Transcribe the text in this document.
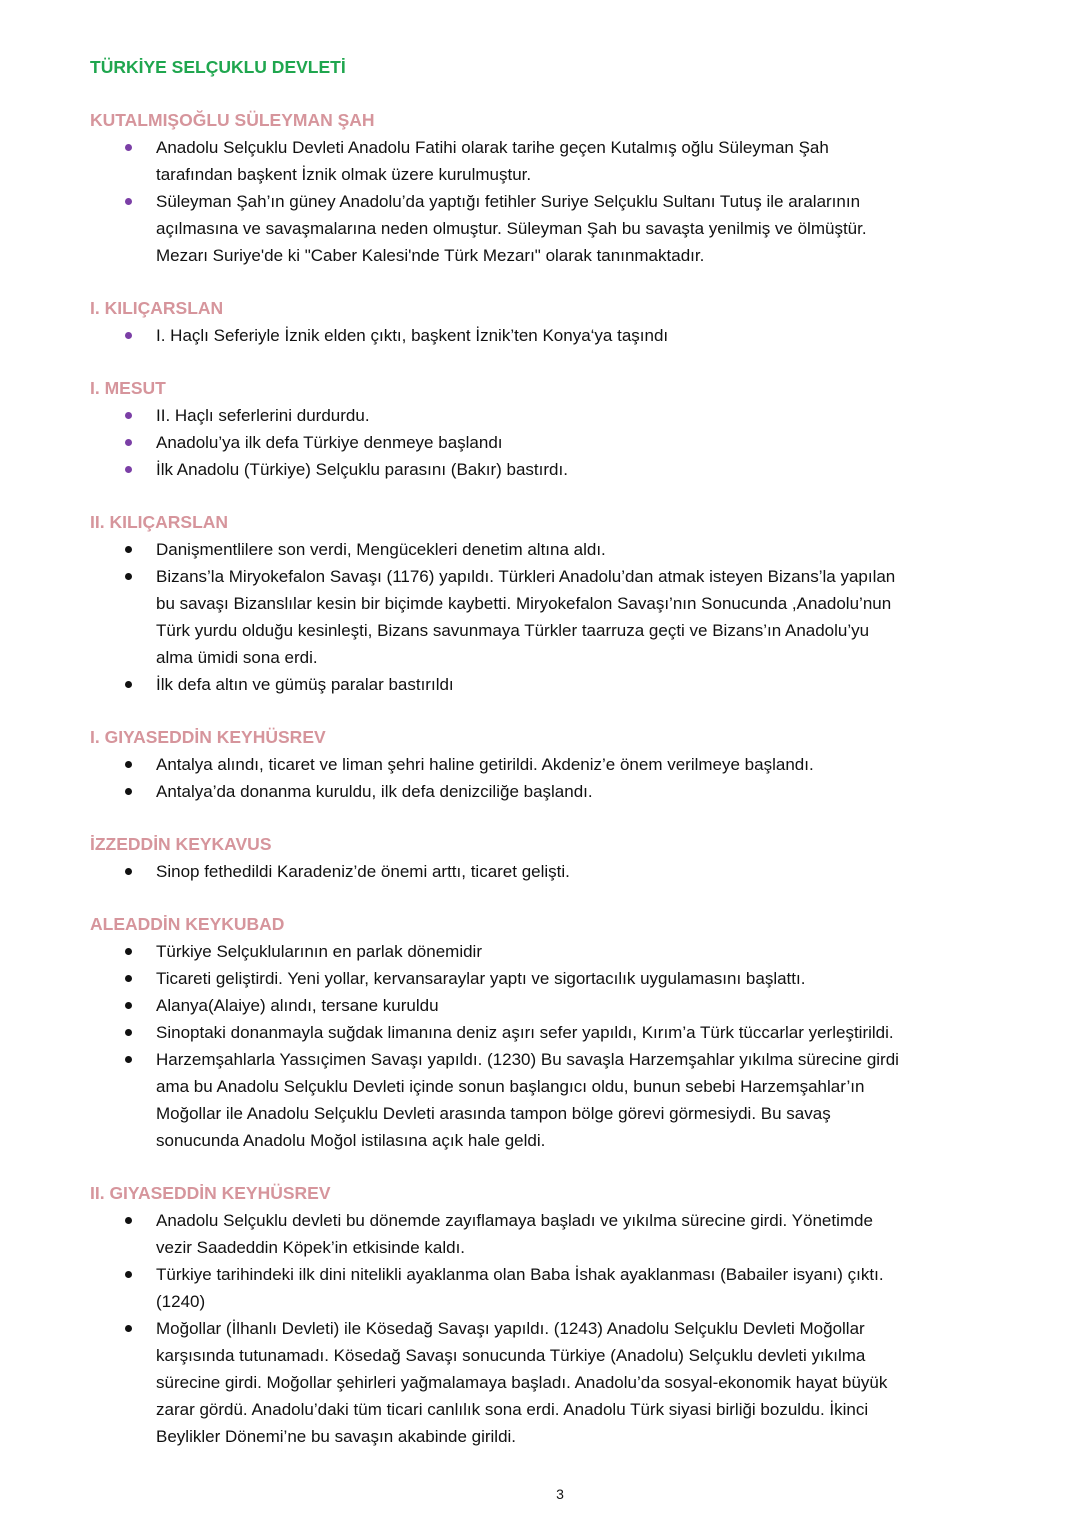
TÜRKİYE SELÇUKLU DEVLETİ
KUTALMIŞOĞLU SÜLEYMAN ŞAH
Anadolu Selçuklu Devleti Anadolu Fatihi olarak tarihe geçen Kutalmış oğlu Süleyman Şah
tarafından başkent İznik olmak üzere kurulmuştur.
Süleyman Şah’ın güney Anadolu’da yaptığı fetihler Suriye Selçuklu Sultanı Tutuş ile aralarının
açılmasına ve savaşmalarına neden olmuştur. Süleyman Şah bu savaşta yenilmiş ve ölmüştür.
Mezarı Suriye'de ki "Caber Kalesi'nde Türk Mezarı" olarak tanınmaktadır.
I. KILIÇARSLAN
I. Haçlı Seferiyle İznik elden çıktı, başkent İznik’ten Konya‘ya taşındı
I. MESUT
II. Haçlı seferlerini durdurdu.
Anadolu’ya ilk defa Türkiye denmeye başlandı
İlk Anadolu (Türkiye) Selçuklu parasını (Bakır) bastırdı.
II. KILIÇARSLAN
Danişmentlilere son verdi, Mengücekleri denetim altına aldı.
Bizans’la Miryokefalon Savaşı (1176) yapıldı. Türkleri Anadolu’dan atmak isteyen Bizans’la yapılan
bu savaşı Bizanslılar kesin bir biçimde kaybetti. Miryokefalon Savaşı’nın Sonucunda ,Anadolu’nun
Türk yurdu olduğu kesinleşti, Bizans savunmaya Türkler taarruza geçti ve Bizans’ın Anadolu’yu
alma ümidi sona erdi.
İlk defa altın ve gümüş paralar bastırıldı
I. GIYASEDDİN KEYHÜSREV
Antalya alındı, ticaret ve liman şehri haline getirildi. Akdeniz’e önem verilmeye başlandı.
Antalya’da donanma kuruldu, ilk defa denizciliğe başlandı.
İZZEDDİN KEYKAVUS
Sinop fethedildi Karadeniz’de önemi arttı, ticaret gelişti.
ALEADDİN KEYKUBAD
Türkiye Selçuklularının en parlak dönemidir
Ticareti geliştirdi. Yeni yollar, kervansaraylar yaptı ve sigortacılık uygulamasını başlattı.
Alanya(Alaiye) alındı, tersane kuruldu
Sinoptaki donanmayla suğdak limanına deniz aşırı sefer yapıldı, Kırım’a Türk tüccarlar yerleştirildi.
Harzemşahlarla Yassıçimen Savaşı yapıldı. (1230) Bu savaşla Harzemşahlar yıkılma sürecine girdi
ama bu Anadolu Selçuklu Devleti içinde sonun başlangıcı oldu, bunun sebebi Harzemşahlar’ın
Moğollar ile Anadolu Selçuklu Devleti arasında tampon bölge görevi görmesiydi. Bu savaş
sonucunda Anadolu Moğol istilasına açık hale geldi.
II. GIYASEDDİN KEYHÜSREV
Anadolu Selçuklu devleti bu dönemde zayıflamaya başladı ve yıkılma sürecine girdi. Yönetimde
vezir Saadeddin Köpek’in etkisinde kaldı.
Türkiye tarihindeki ilk dini nitelikli ayaklanma olan Baba İshak ayaklanması (Babailer isyanı) çıktı.
(1240)
Moğollar (İlhanlı Devleti) ile Kösedağ Savaşı yapıldı. (1243) Anadolu Selçuklu Devleti Moğollar
karşısında tutunamadı. Kösedağ Savaşı sonucunda Türkiye (Anadolu) Selçuklu devleti yıkılma
sürecine girdi. Moğollar şehirleri yağmalamaya başladı. Anadolu’da sosyal-ekonomik hayat büyük
zarar gördü. Anadolu’daki tüm ticari canlılık sona erdi. Anadolu Türk siyasi birliği bozuldu. İkinci
Beylikler Dönemi’ne bu savaşın akabinde girildi.
3
